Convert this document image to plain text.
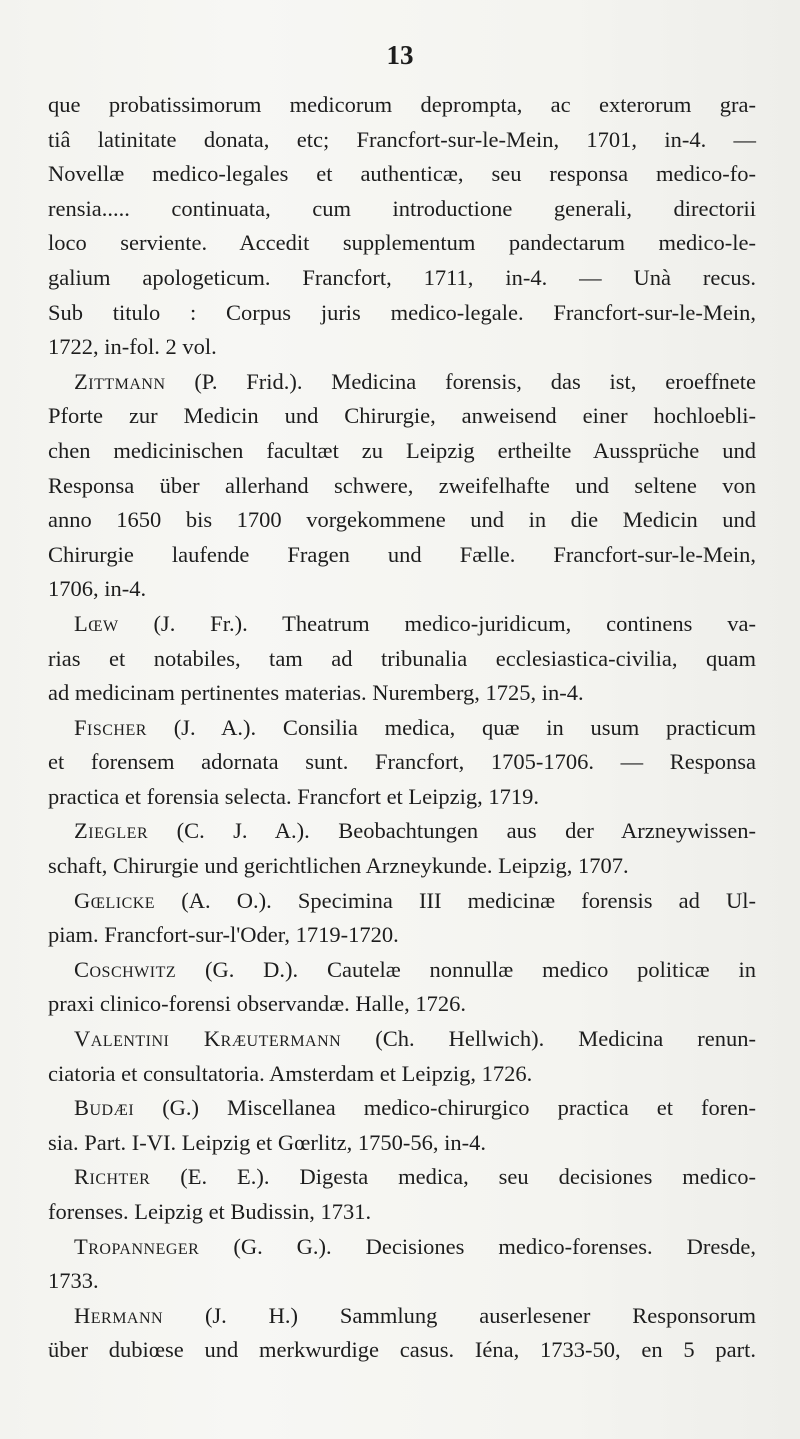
13
que probatissimorum medicorum deprompta, ac exterorum gra-
tiâ latinitate donata, etc; Francfort-sur-le-Mein, 1701, in-4. —
Novellæ medico-legales et authenticæ, seu responsa medico-fo-
rensia..... continuata, cum introductione generali, directorii
loco serviente. Accedit supplementum pandectarum medico-le-
galium apologeticum. Francfort, 1711, in-4. — Unà recus.
Sub titulo : Corpus juris medico-legale. Francfort-sur-le-Mein,
1722, in-fol. 2 vol.
Zittmann (P. Frid.). Medicina forensis, das ist, eroeffnete
Pforte zur Medicin und Chirurgie, anweisend einer hochloebli-
chen medicinischen facultæt zu Leipzig ertheilte Aussprüche und
Responsa über allerhand schwere, zweifelhafte und seltene von
anno 1650 bis 1700 vorgekommene und in die Medicin und
Chirurgie laufende Fragen und Fælle. Francfort-sur-le-Mein,
1706, in-4.
Lœw (J. Fr.). Theatrum medico-juridicum, continens va-
rias et notabiles, tam ad tribunalia ecclesiastica-civilia, quam
ad medicinam pertinentes materias. Nuremberg, 1725, in-4.
Fischer (J. A.). Consilia medica, quæ in usum practicum
et forensem adornata sunt. Francfort, 1705-1706. — Responsa
practica et forensia selecta. Francfort et Leipzig, 1719.
Ziegler (C. J. A.). Beobachtungen aus der Arzneywissen-
schaft, Chirurgie und gerichtlichen Arzneykunde. Leipzig, 1707.
Gœlicke (A. O.). Specimina III medicinæ forensis ad Ul-
piam. Francfort-sur-l'Oder, 1719-1720.
Coschwitz (G. D.). Cautelæ nonnullæ medico politicæ in
praxi clinico-forensi observandæ. Halle, 1726.
Valentini Kræutermann (Ch. Hellwich). Medicina renun-
ciatoria et consultatoria. Amsterdam et Leipzig, 1726.
Budæi (G.) Miscellanea medico-chirurgico practica et foren-
sia. Part. I-VI. Leipzig et Gœrlitz, 1750-56, in-4.
Richter (E. E.). Digesta medica, seu decisiones medico-
forenses. Leipzig et Budissin, 1731.
Tropanneger (G. G.). Decisiones medico-forenses. Dresde,
1733.
Hermann (J. H.) Sammlung auserlesener Responsorum
über dubiœse und merkwurdige casus. Iéna, 1733-50, en 5 part.
